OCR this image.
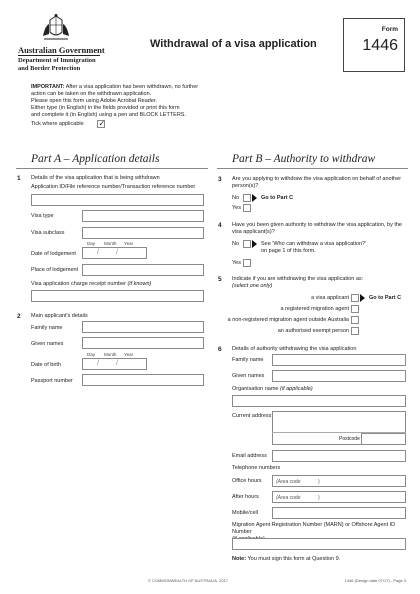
Australian Government
Department of Immigration
and Border Protection
Withdrawal of a visa application
Form
1446
IMPORTANT: After a visa application has been withdrawn, no further
action can be taken on the withdrawn application.
Please open this form using Adobe Acrobat Reader.
Either type (in English) in the fields provided or print this form
and complete it (in English) using a pen and BLOCK LETTERS.
Tick where applicable ✓
Part A – Application details
1 Details of the visa application that is being withdrawn
Application ID/File reference number/Transaction reference number
Visa type
Visa subclass
Day Month Year
Date of lodgement	/ /
Place of lodgement
Visa application charge receipt number (if known)
2 Main applicant's details
Family name
Given names
Day Month Year
Date of birth	/ /
Passport number
Part B – Authority to withdraw
3 Are you applying to withdraw the visa application on behalf of another
person(s)?
No	Go to Part C
Yes
4 Have you been given authority to withdraw the visa application, by the
visa applicant(s)?
No	See 'Who can withdraw a visa application?'
on page 1 of this form.
Yes
5 Indicate if you are withdrawing the visa application as:
(select one only)
a visa applicant	Go to Part C
a registered migration agent
a non-registered migration agent outside Australia
an authorised exempt person
6 Details of authority withdrawing the visa application
Family name
Given names
Organisation name (if applicable)
Current address
Postcode
Email address
Telephone numbers
Office hours	(Area code	)
After hours	(Area code	)
Mobile/cell
Migration Agent Registration Number (MARN) or Offshore Agent ID Number
Note: You must sign this form at Question 9.
© COMMONWEALTH OF AUSTRALIA, 2017	1446 (Design date 07/17) - Page 3
